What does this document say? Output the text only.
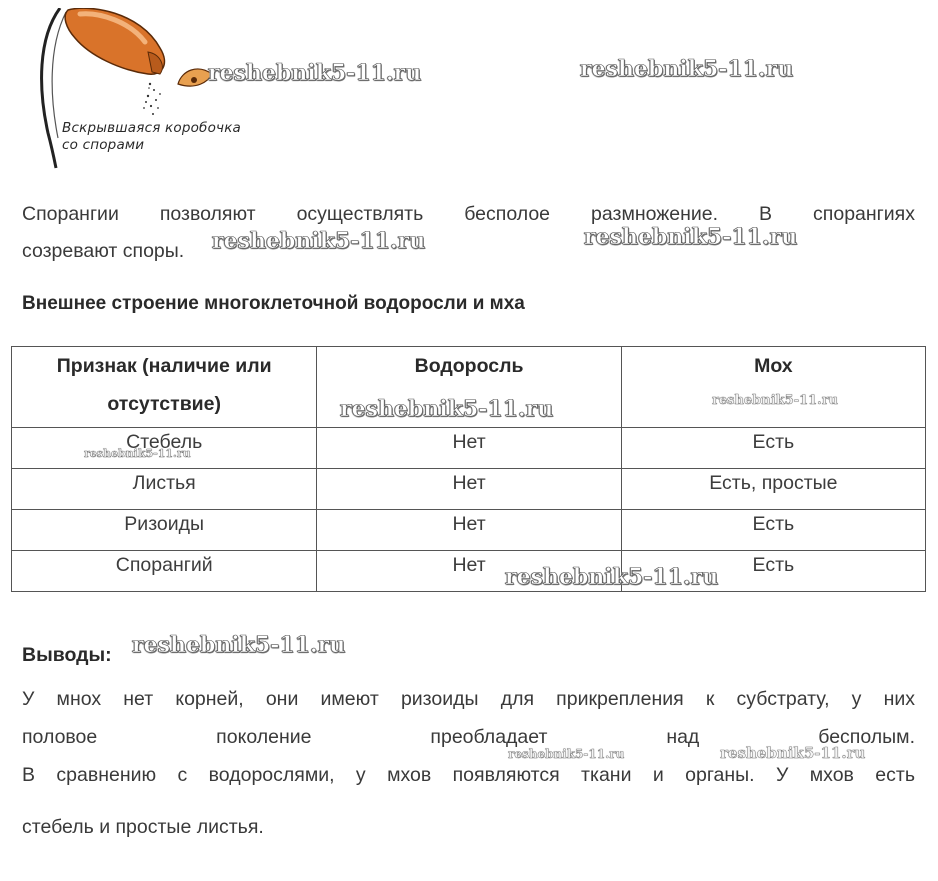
Вскрывшаяся коробочка
со спорами
Спорангии позволяют осуществлять бесполое размножение. В спорангиях
созревают споры.
Внешнее строение многоклеточной водоросли и мха
Признак (наличие или отсутствие)	Водоросль	Мох
Стебель	Нет	Есть
Листья	Нет	Есть, простые
Ризоиды	Нет	Есть
Спорангий	Нет	Есть
Выводы:
У мнох нет корней, они имеют ризоиды для прикрепления к субстрату, у них
половое поколение преобладает над бесполым.
В сравнению с водорослями, у мхов появляются ткани и органы. У мхов есть
стебель и простые листья.
reshebnik5-11.ru	reshebnik5-11.ru
reshebnik5-11.ru	reshebnik5-11.ru
reshebnik5-11.ru	reshebnik5-11.ru
reshebnik5-11.ru
reshebnik5-11.ru
reshebnik5-11.ru
reshebnik5-11.ru	reshebnik5-11.ru
